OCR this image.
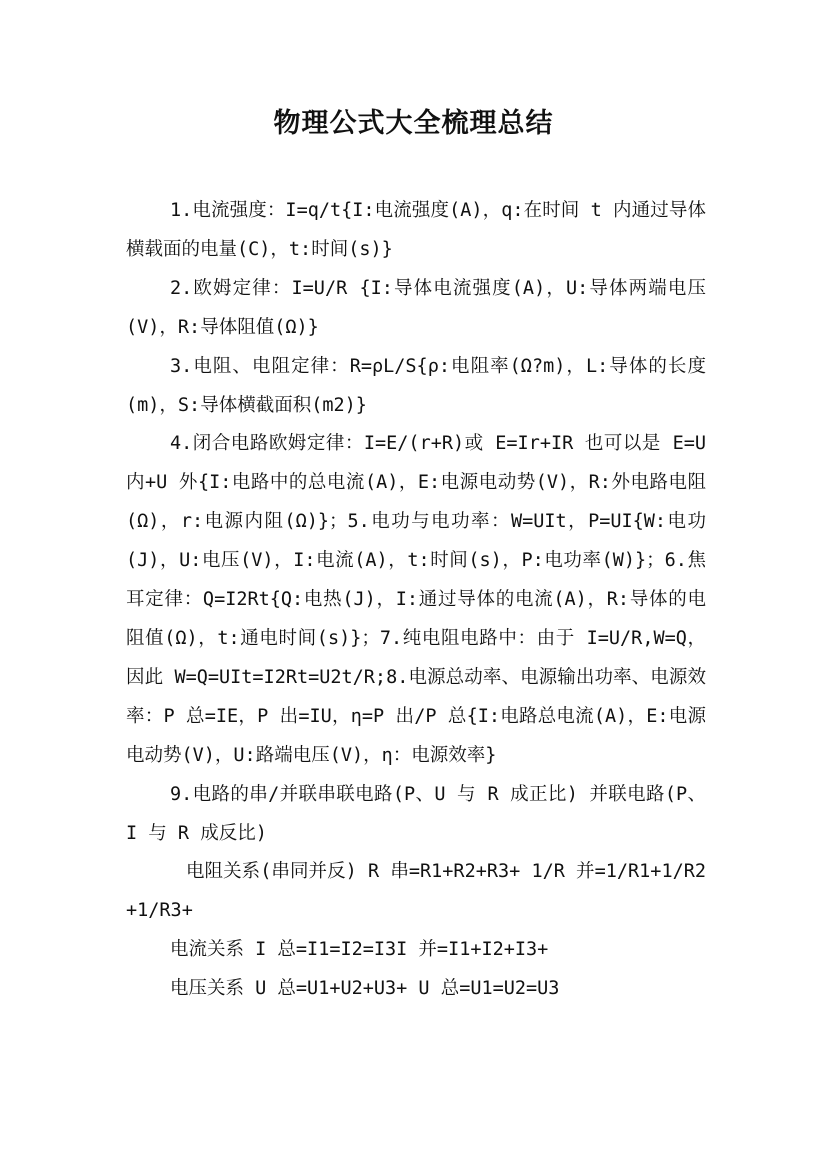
物理公式大全梳理总结

1.电流强度：I=q/t{I:电流强度(A)，q:在时间 t 内通过导体横载面的电量(C)，t:时间(s)}

2.欧姆定律：I=U/R {I:导体电流强度(A)，U:导体两端电压(V)，R:导体阻值(Ω)}

3.电阻、电阻定律：R=ρL/S{ρ:电阻率(Ω?m)，L:导体的长度(m)，S:导体横截面积(m2)}

4.闭合电路欧姆定律：I=E/(r+R)或 E=Ir+IR 也可以是 E=U 内+U 外{I:电路中的总电流(A)，E:电源电动势(V)，R:外电路电阻(Ω)，r:电源内阻(Ω)}；5.电功与电功率：W=UIt，P=UI{W:电功(J)，U:电压(V)，I:电流(A)，t:时间(s)，P:电功率(W)}；6.焦耳定律：Q=I2Rt{Q:电热(J)，I:通过导体的电流(A)，R:导体的电阻值(Ω)，t:通电时间(s)}；7.纯电阻电路中：由于 I=U/R,W=Q，因此 W=Q=UIt=I2Rt=U2t/R;8.电源总动率、电源输出功率、电源效率：P 总=IE，P 出=IU，η=P 出/P 总{I:电路总电流(A)，E:电源电动势(V)，U:路端电压(V)，η：电源效率}

9.电路的串/并联串联电路(P、U 与 R 成正比) 并联电路(P、I 与 R 成反比)

电阻关系(串同并反) R 串=R1+R2+R3+ 1/R 并=1/R1+1/R2+1/R3+

电流关系 I 总=I1=I2=I3I 并=I1+I2+I3+

电压关系 U 总=U1+U2+U3+ U 总=U1=U2=U3
